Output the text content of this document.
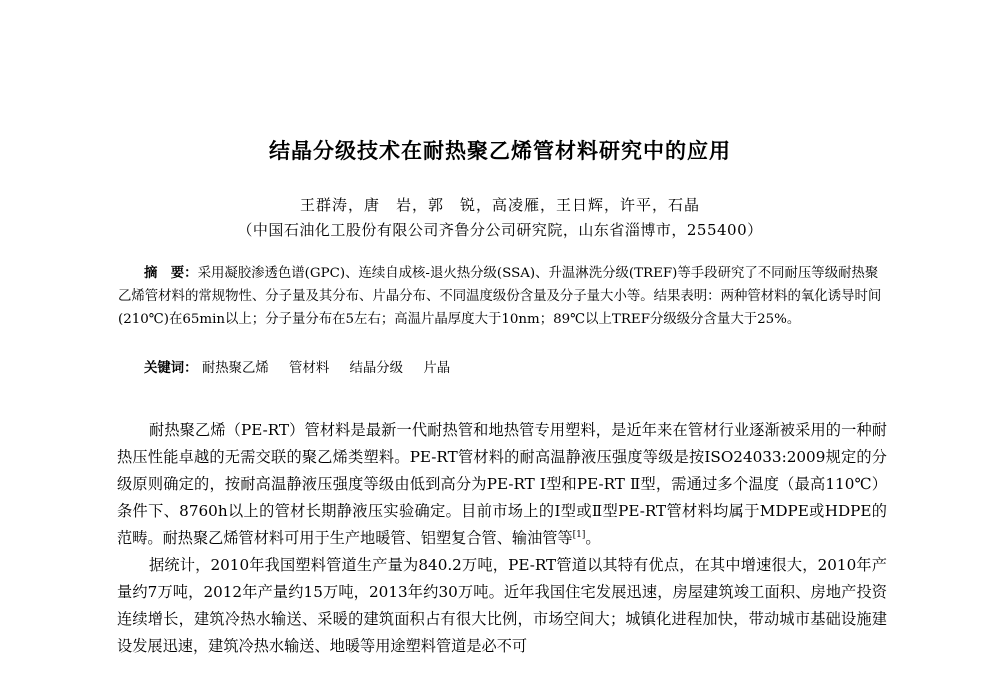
结晶分级技术在耐热聚乙烯管材料研究中的应用
王群涛，唐　岩，郭　锐，高凌雁，王日辉，许平，石晶
（中国石油化工股份有限公司齐鲁分公司研究院，山东省淄博市，255400）
摘　要：采用凝胶渗透色谱(GPC)、连续自成核-退火热分级(SSA)、升温淋洗分级(TREF)等手段研究了不同耐压等级耐热聚乙烯管材料的常规物性、分子量及其分布、片晶分布、不同温度级份含量及分子量大小等。结果表明：两种管材料的氧化诱导时间(210℃)在65min以上；分子量分布在5左右；高温片晶厚度大于10nm；89℃以上TREF分级级分含量大于25%。
关键词： 耐热聚乙烯 管材料 结晶分级 片晶

耐热聚乙烯（PE-RT）管材料是最新一代耐热管和地热管专用塑料，是近年来在管材行业逐渐被采用的一种耐热压性能卓越的无需交联的聚乙烯类塑料。PE-RT管材料的耐高温静液压强度等级是按ISO24033:2009规定的分级原则确定的，按耐高温静液压强度等级由低到高分为PE-RT Ⅰ型和PE-RT Ⅱ型，需通过多个温度（最高110℃）条件下、8760h以上的管材长期静液压实验确定。目前市场上的Ⅰ型或Ⅱ型PE-RT管材料均属于MDPE或HDPE的范畴。耐热聚乙烯管材料可用于生产地暖管、铝塑复合管、输油管等[1]。

据统计，2010年我国塑料管道生产量为840.2万吨，PE-RT管道以其特有优点，在其中增速很大，2010年产量约7万吨，2012年产量约15万吨，2013年约30万吨。近年我国住宅发展迅速，房屋建筑竣工面积、房地产投资连续增长，建筑冷热水输送、采暖的建筑面积占有很大比例，市场空间大；城镇化进程加快，带动城市基础设施建设发展迅速，建筑冷热水输送、地暖等用途塑料管道是必不可
